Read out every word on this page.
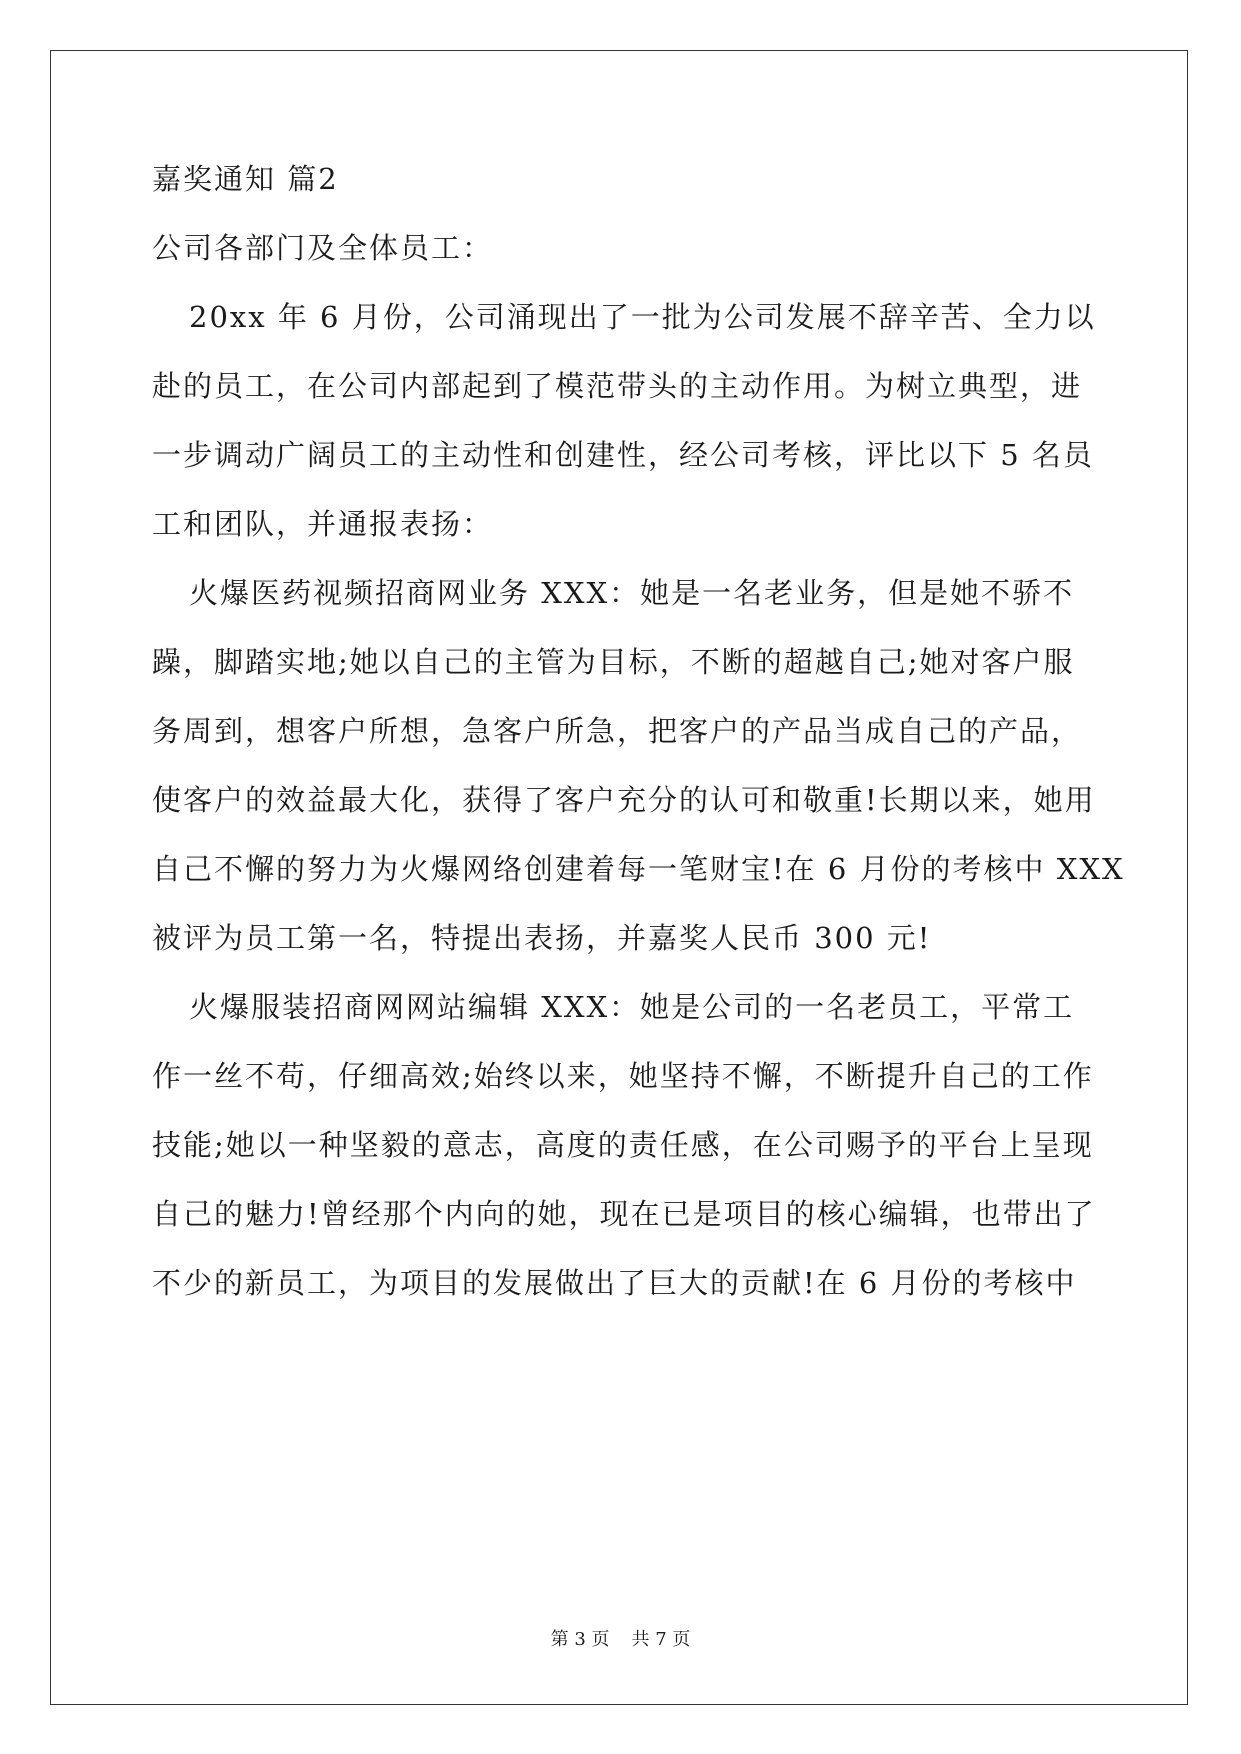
嘉奖通知 篇2
公司各部门及全体员工：
20xx 年 6 月份，公司涌现出了一批为公司发展不辞辛苦、全力以
赴的员工，在公司内部起到了模范带头的主动作用。为树立典型，进
一步调动广阔员工的主动性和创建性，经公司考核，评比以下 5 名员
工和团队，并通报表扬：
火爆医药视频招商网业务 XXX：她是一名老业务，但是她不骄不
躁，脚踏实地;她以自己的主管为目标，不断的超越自己;她对客户服
务周到，想客户所想，急客户所急，把客户的产品当成自己的产品，
使客户的效益最大化，获得了客户充分的认可和敬重!长期以来，她用
自己不懈的努力为火爆网络创建着每一笔财宝!在 6 月份的考核中 XXX
被评为员工第一名，特提出表扬，并嘉奖人民币 300 元!
火爆服装招商网网站编辑 XXX：她是公司的一名老员工，平常工
作一丝不苟，仔细高效;始终以来，她坚持不懈，不断提升自己的工作
技能;她以一种坚毅的意志，高度的责任感，在公司赐予的平台上呈现
自己的魅力!曾经那个内向的她，现在已是项目的核心编辑，也带出了
不少的新员工，为项目的发展做出了巨大的贡献!在 6 月份的考核中
第 3 页 共 7 页
